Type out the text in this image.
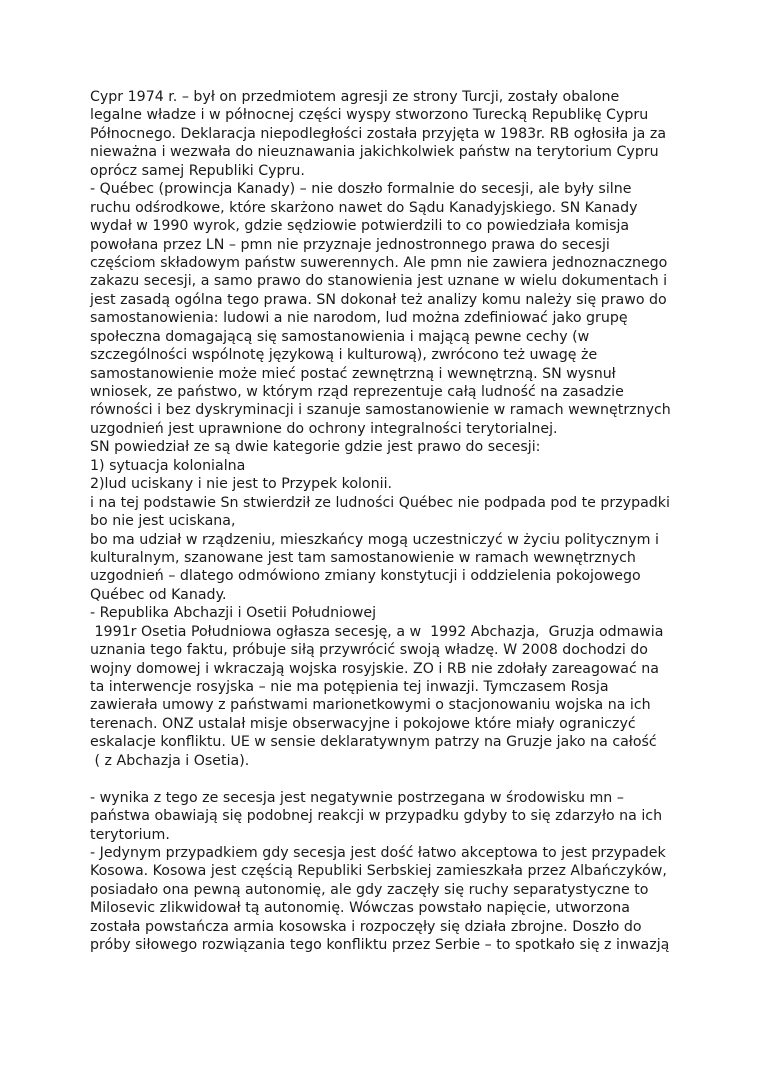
Cypr 1974 r. – był on przedmiotem agresji ze strony Turcji, zostały obalone
legalne władze i w północnej części wyspy stworzono Turecką Republikę Cypru
Północnego. Deklaracja niepodległości została przyjęta w 1983r. RB ogłosiła ja za
nieważna i wezwała do nieuznawania jakichkolwiek państw na terytorium Cypru
oprócz samej Republiki Cypru.
- Québec (prowincja Kanady) – nie doszło formalnie do secesji, ale były silne
ruchu odśrodkowe, które skarżono nawet do Sądu Kanadyjskiego. SN Kanady
wydał w 1990 wyrok, gdzie sędziowie potwierdzili to co powiedziała komisja
powołana przez LN – pmn nie przyznaje jednostronnego prawa do secesji
częściom składowym państw suwerennych. Ale pmn nie zawiera jednoznacznego
zakazu secesji, a samo prawo do stanowienia jest uznane w wielu dokumentach i
jest zasadą ogólna tego prawa. SN dokonał też analizy komu należy się prawo do
samostanowienia: ludowi a nie narodom, lud można zdefiniować jako grupę
społeczna domagającą się samostanowienia i mającą pewne cechy (w
szczególności wspólnotę językową i kulturową), zwrócono też uwagę że
samostanowienie może mieć postać zewnętrzną i wewnętrzną. SN wysnuł
wniosek, ze państwo, w którym rząd reprezentuje całą ludność na zasadzie
równości i bez dyskryminacji i szanuje samostanowienie w ramach wewnętrznych
uzgodnień jest uprawnione do ochrony integralności terytorialnej.
SN powiedział ze są dwie kategorie gdzie jest prawo do secesji:
1) sytuacja kolonialna
2)lud uciskany i nie jest to Przypek kolonii.
i na tej podstawie Sn stwierdził ze ludności Québec nie podpada pod te przypadki
bo nie jest uciskana,
bo ma udział w rządzeniu, mieszkańcy mogą uczestniczyć w życiu politycznym i
kulturalnym, szanowane jest tam samostanowienie w ramach wewnętrznych
uzgodnień – dlatego odmówiono zmiany konstytucji i oddzielenia pokojowego
Québec od Kanady.
- Republika Abchazji i Osetii Południowej
1991r Osetia Południowa ogłasza secesję, a w  1992 Abchazja,  Gruzja odmawia
uznania tego faktu, próbuje siłą przywrócić swoją władzę. W 2008 dochodzi do
wojny domowej i wkraczają wojska rosyjskie. ZO i RB nie zdołały zareagować na
ta interwencje rosyjska – nie ma potępienia tej inwazji. Tymczasem Rosja
zawierała umowy z państwami marionetkowymi o stacjonowaniu wojska na ich
terenach. ONZ ustalał misje obserwacyjne i pokojowe które miały ograniczyć
eskalacje konfliktu. UE w sensie deklaratywnym patrzy na Gruzje jako na całość
( z Abchazja i Osetia).
- wynika z tego ze secesja jest negatywnie postrzegana w środowisku mn –
państwa obawiają się podobnej reakcji w przypadku gdyby to się zdarzyło na ich
terytorium.
- Jedynym przypadkiem gdy secesja jest dość łatwo akceptowa to jest przypadek
Kosowa. Kosowa jest częścią Republiki Serbskiej zamieszkała przez Albańczyków,
posiadało ona pewną autonomię, ale gdy zaczęły się ruchy separatystyczne to
Milosevic zlikwidował tą autonomię. Wówczas powstało napięcie, utworzona
została powstańcza armia kosowska i rozpoczęły się działa zbrojne. Doszło do
próby siłowego rozwiązania tego konfliktu przez Serbie – to spotkało się z inwazją
